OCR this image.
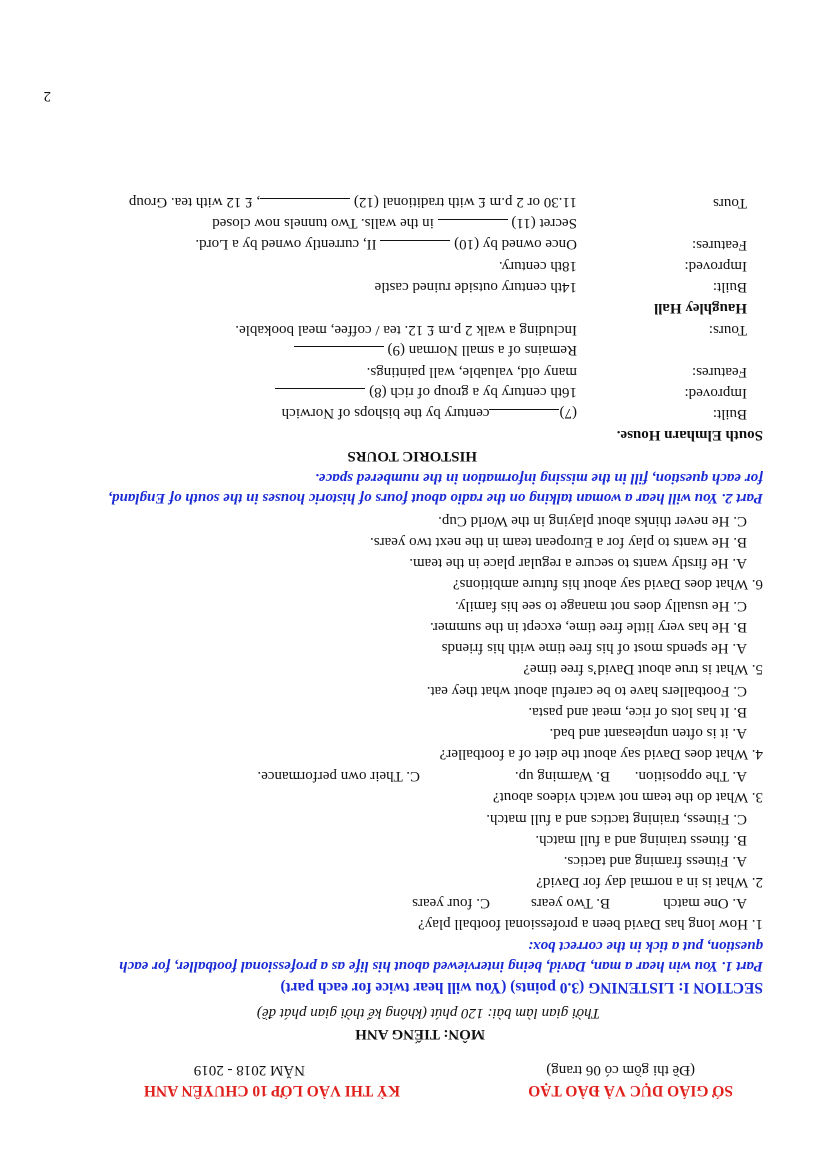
SỞ GIÁO DỤC VÀ ĐÀO TẠO
KỲ THI VÀO LỚP 10 CHUYÊN ANH
(Đề thi gồm có 06 trang)
NĂM 2018 - 2019
MÔN: TIẾNG ANH
Thời gian làm bài: 120 phút (không kể thời gian phát đề)
SECTION I: LISTENING (3.0 points) (You will hear twice for each part)
Part 1. You win hear a man, David, being interviewed about his life as a professional footballer, for each
question, put a tick in the correct box:
1. How long has David been a professional football play?
A. One match
B. Two years
C. four years
2. What is in a normal day for David?
A. Fitness framing and tactics.
B. fitness training and a full match.
C. Fitness, training tactics and a full match.
3. What do the team not watch videos about?
A. The opposition.
B. Warming up.
C. Their own performance.
4. What does David say about the diet of a footballer?
A. it is often unpleasant and bad.
B. It has lots of rice, meat and pasta.
C. Footballers have to be careful about what they eat.
5. What is true about David’s free time?
A. He spends most of his free time with his friends
B. He has very little free time, except in the summer.
C. He usually does not manage to see his family.
6. What does David say about his future ambitions?
A. He firstly wants to secure a regular place in the team.
B. He wants to play for a European team in the next two years.
C. He never thinks about playing in the World Cup.
Part 2. You will hear a woman talking on the radio about fours of historic houses in the south of England,
for each question, fill in the missing information in the numbered space.
HISTORIC TOURS
South Elmharn House.
Built:
(7)century by the bishops of Norwich
Improved:
16th century by a group of rich (8)
Features:
many old, valuable, wall paintings.
Remains of a small Norman (9)
Tours:
Including a walk 2 p.m £ 12. tea / coffee, meal bookable.
Haughley Hall
Built:
14th century outside ruined castle
Improved:
18th century.
Features:
Once owned by (10)  II, currently owned by a Lord.
Secret (11)  in the walls. Two tunnels now closed
Tours
11.30 or 2 p.m £ with traditional (12) , £ 12 with tea. Group
2
